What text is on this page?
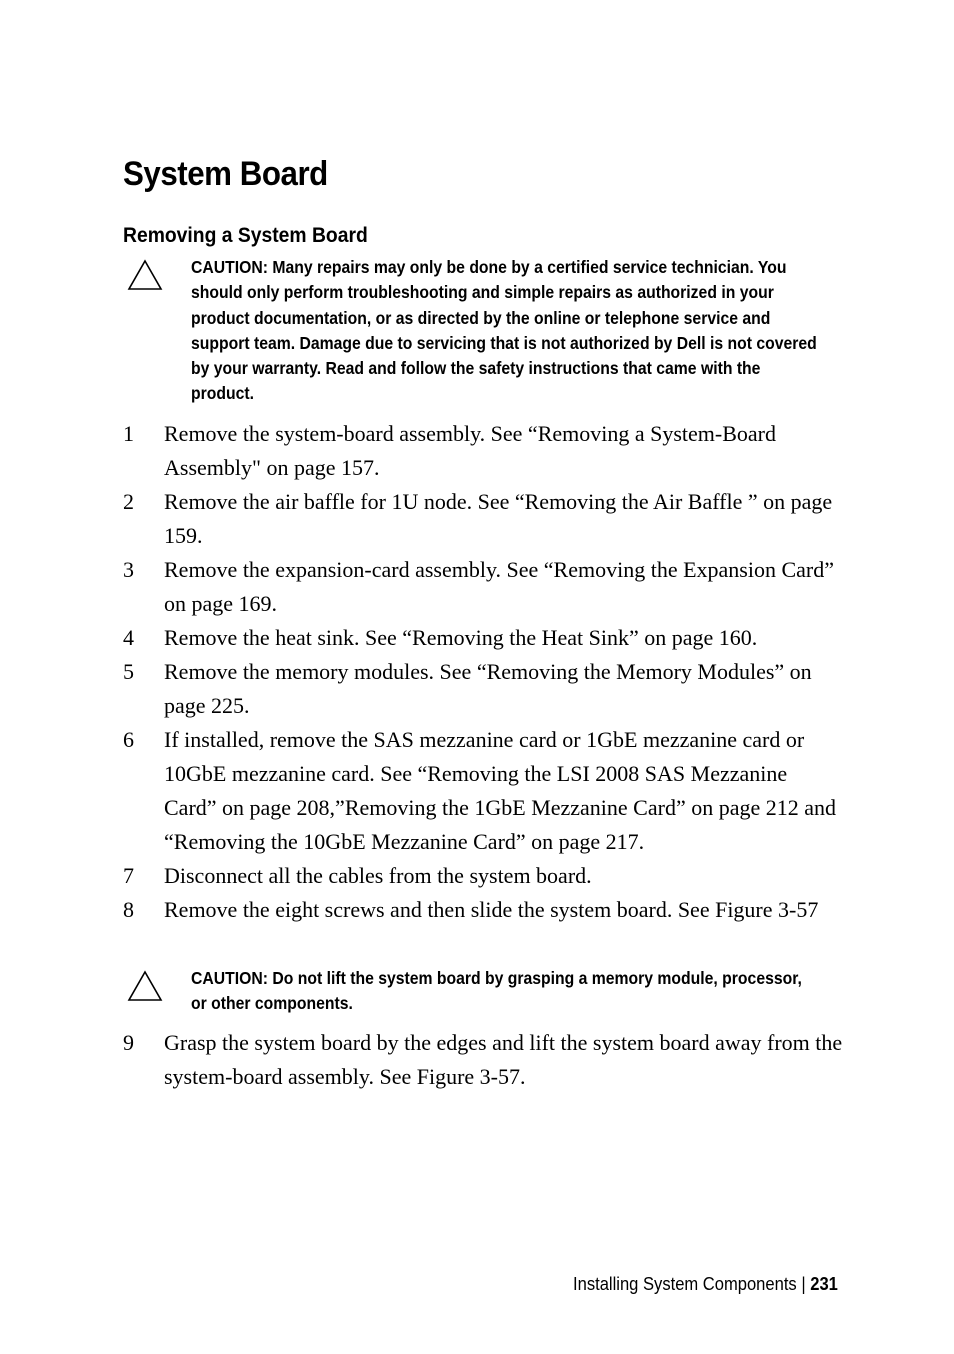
System Board
Removing a System Board
CAUTION: Many repairs may only be done by a certified service technician. You should only perform troubleshooting and simple repairs as authorized in your product documentation, or as directed by the online or telephone service and support team. Damage due to servicing that is not authorized by Dell is not covered by your warranty. Read and follow the safety instructions that came with the product.
1 Remove the system-board assembly. See “Removing a System-Board Assembly" on page 157.
2 Remove the air baffle for 1U node. See “Removing the Air Baffle ” on page 159.
3 Remove the expansion-card assembly. See “Removing the Expansion Card” on page 169.
4 Remove the heat sink. See “Removing the Heat Sink” on page 160.
5 Remove the memory modules. See “Removing the Memory Modules” on page 225.
6 If installed, remove the SAS mezzanine card or 1GbE mezzanine card or 10GbE mezzanine card. See “Removing the LSI 2008 SAS Mezzanine Card” on page 208,”Removing the 1GbE Mezzanine Card” on page 212 and “Removing the 10GbE Mezzanine Card” on page 217.
7 Disconnect all the cables from the system board.
8 Remove the eight screws and then slide the system board. See Figure 3-57
CAUTION: Do not lift the system board by grasping a memory module, processor, or other components.
9 Grasp the system board by the edges and lift the system board away from the system-board assembly. See Figure 3-57.
Installing System Components | 231
